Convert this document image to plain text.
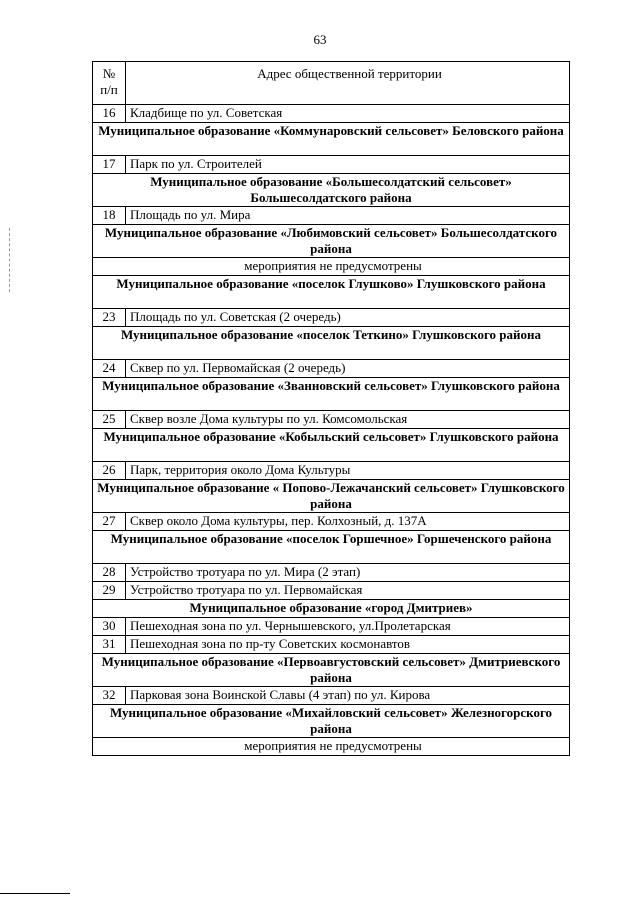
63
№
п/п	Адрес общественной территории
16	Кладбище по ул. Советская
Муниципальное образование «Коммунаровский сельсовет» Беловского района	
17	Парк по ул. Строителей
Муниципальное образование «Большесолдатский сельсовет» Большесолдатского района	
18	Площадь по ул. Мира
Муниципальное образование «Любимовский сельсовет» Большесолдатского района	
мероприятия не предусмотрены	
Муниципальное образование «поселок Глушково» Глушковского района	
23	Площадь по ул. Советская (2 очередь)
Муниципальное образование «поселок Теткино» Глушковского района	
24	Сквер по ул. Первомайская (2 очередь)
Муниципальное образование «Званновский сельсовет» Глушковского района	
25	Сквер возле Дома культуры по ул. Комсомольская
Муниципальное образование «Кобыльский сельсовет» Глушковского района	
26	Парк, территория около Дома Культуры
Муниципальное образование « Попово-Лежачанский сельсовет» Глушковского района	
27	Сквер около Дома культуры, пер. Колхозный, д. 137А
Муниципальное образование «поселок Горшечное» Горшеченского района	
28	Устройство тротуара по ул. Мира (2 этап)
29	Устройство тротуара по ул. Первомайская
Муниципальное образование «город Дмитриев»	
30	Пешеходная зона по ул. Чернышевского, ул.Пролетарская
31	Пешеходная зона по пр-ту Советских космонавтов
Муниципальное образование «Первоавгустовский сельсовет» Дмитриевского района	
32	Парковая зона Воинской Славы (4 этап) по ул. Кирова
Муниципальное образование «Михайловский сельсовет» Железногорского района	
мероприятия не предусмотрены	
